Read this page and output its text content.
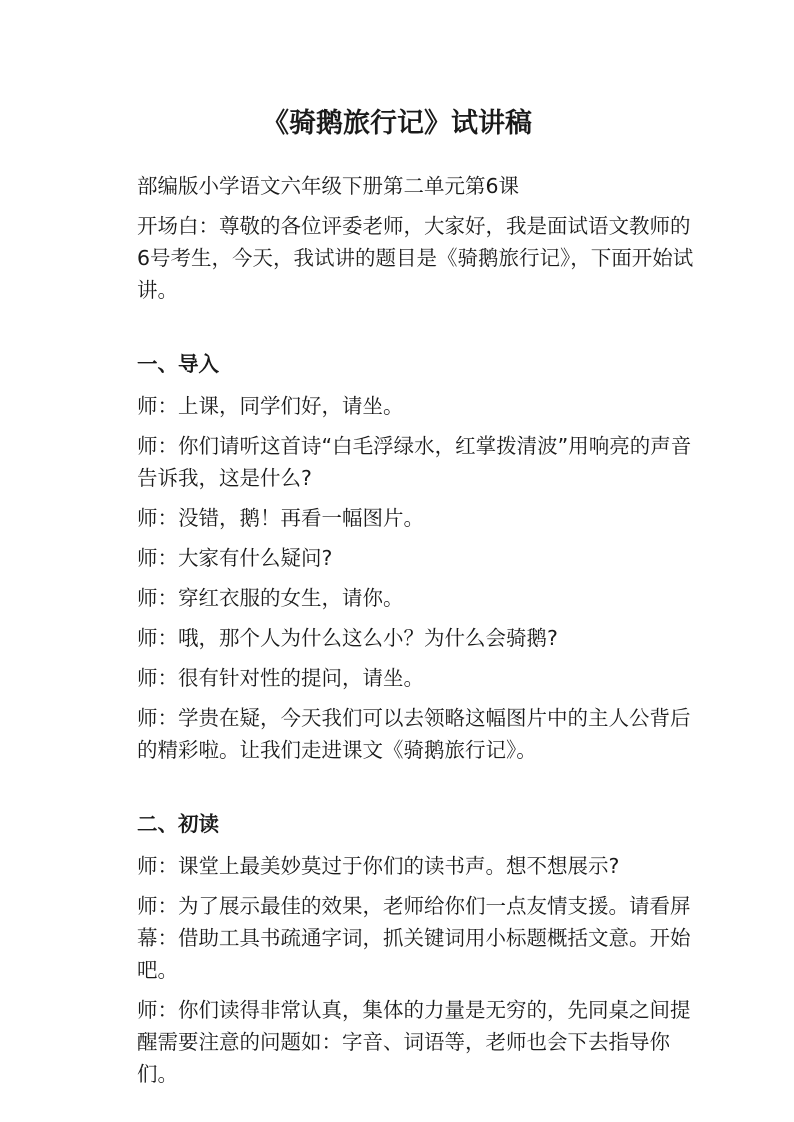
《骑鹅旅行记》试讲稿

部编版小学语文六年级下册第二单元第6课

开场白：尊敬的各位评委老师，大家好，我是面试语文教师的6号考生，今天，我试讲的题目是《骑鹅旅行记》，下面开始试讲。

一、导入

师：上课，同学们好，请坐。

师：你们请听这首诗“白毛浮绿水，红掌拨清波”用响亮的声音告诉我，这是什么?

师：没错，鹅！再看一幅图片。

师：大家有什么疑问?

师：穿红衣服的女生，请你。

师：哦，那个人为什么这么小？为什么会骑鹅?

师：很有针对性的提问，请坐。

师：学贵在疑，今天我们可以去领略这幅图片中的主人公背后的精彩啦。让我们走进课文《骑鹅旅行记》。

二、初读

师：课堂上最美妙莫过于你们的读书声。想不想展示?

师：为了展示最佳的效果，老师给你们一点友情支援。请看屏幕：借助工具书疏通字词，抓关键词用小标题概括文意。开始吧。

师：你们读得非常认真，集体的力量是无穷的，先同桌之间提醒需要注意的问题如：字音、词语等，老师也会下去指导你们。
